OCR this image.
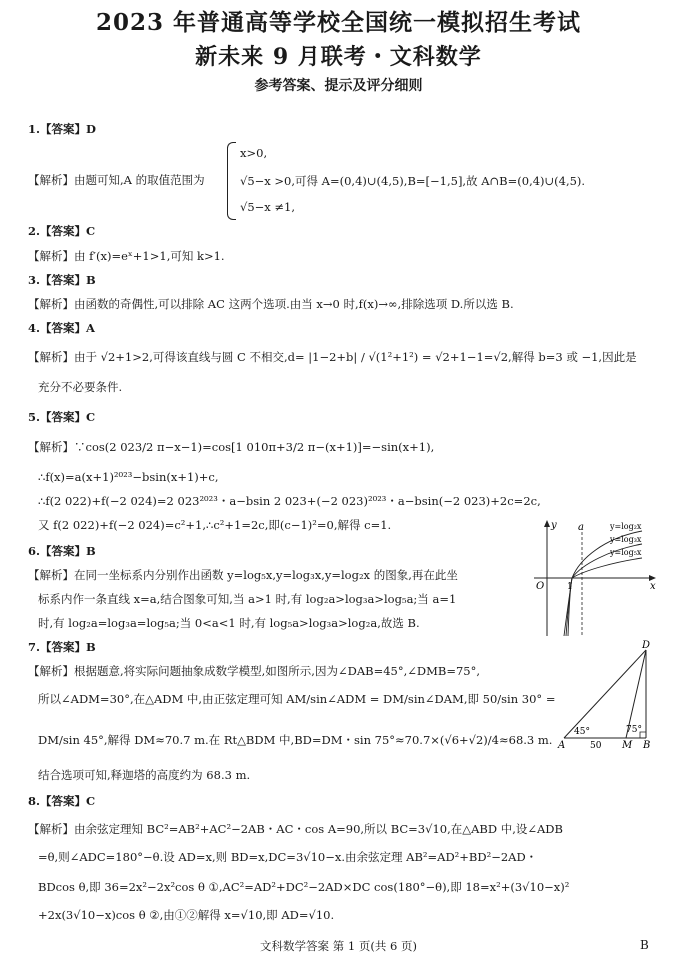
2023 年普通高等学校全国统一模拟招生考试
新未来 9 月联考・文科数学
参考答案、提示及评分细则
1.【答案】D
【解析】由题可知,A 的取值范围为
x>0,
√5−x >0,可得 A=(0,4)∪(4,5),B=[−1,5],故 A∩B=(0,4)∪(4,5).
√5−x ≠1,
2.【答案】C
【解析】由 f′(x)=eˣ+1>1,可知 k>1.
3.【答案】B
【解析】由函数的奇偶性,可以排除 AC 这两个选项.由当 x→0 时,f(x)→∞,排除选项 D.所以选 B.
4.【答案】A
【解析】由于 √2+1>2,可得该直线与圆 C 不相交,d= |1−2+b| / √(1²+1²) = √2+1−1=√2,解得 b=3 或 −1,因此是
充分不必要条件.
5.【答案】C
【解析】∵cos(2 023/2 π−x−1)=cos[1 010π+3/2 π−(x+1)]=−sin(x+1),
∴f(x)=a(x+1)²⁰²³−bsin(x+1)+c,
∴f(2 022)+f(−2 024)=2 023²⁰²³・a−bsin 2 023+(−2 023)²⁰²³・a−bsin(−2 023)+2c=2c,
又 f(2 022)+f(−2 024)=c²+1,∴c²+1=2c,即(c−1)²=0,解得 c=1.
6.【答案】B
【解析】在同一坐标系内分别作出函数 y=log₅x,y=log₃x,y=log₂x 的图象,再在此坐
标系内作一条直线 x=a,结合图象可知,当 a>1 时,有 log₂a>log₃a>log₅a;当 a=1
时,有 log₂a=log₃a=log₅a;当 0<a<1 时,有 log₅a>log₃a>log₂a,故选 B.
y
x
O
a
1
y=log₂x
y=log₃x
y=log₅x
7.【答案】B
【解析】根据题意,将实际问题抽象成数学模型,如图所示,因为∠DAB=45°,∠DMB=75°,
所以∠ADM=30°,在△ADM 中,由正弦定理可知 AM/sin∠ADM = DM/sin∠DAM,即 50/sin 30° =
DM/sin 45°,解得 DM≈70.7 m.在 Rt△BDM 中,BD=DM・sin 75°≈70.7×(√6+√2)/4≈68.3 m.
结合选项可知,释迦塔的高度约为 68.3 m.
D
A	M B
45°	75°
50
8.【答案】C
【解析】由余弦定理知 BC²=AB²+AC²−2AB・AC・cos A=90,所以 BC=3√10,在△ABD 中,设∠ADB
=θ,则∠ADC=180°−θ.设 AD=x,则 BD=x,DC=3√10−x.由余弦定理 AB²=AD²+BD²−2AD・
BDcos θ,即 36=2x²−2x²cos θ ①,AC²=AD²+DC²−2AD×DC cos(180°−θ),即 18=x²+(3√10−x)²
+2x(3√10−x)cos θ ②,由①②解得 x=√10,即 AD=√10.
文科数学答案 第 1 页(共 6 页)	B
